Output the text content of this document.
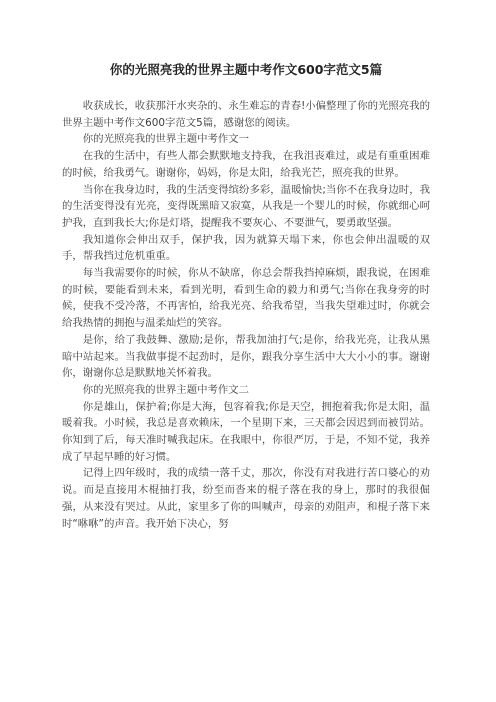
你的光照亮我的世界主题中考作文600字范文5篇

收获成长，收获那汗水夹杂的、永生难忘的青春!小偏整理了你的光照亮我的世界主题中考作文600字范文5篇，感谢您的阅读。

你的光照亮我的世界主题中考作文一

在我的生活中，有些人都会默默地支持我，在我沮丧难过，或是有重重困难的时候，给我勇气。谢谢你，妈妈，你是太阳，给我光芒，照亮我的世界。

当你在我身边时，我的生活变得缤纷多彩，温暖愉快;当你不在我身边时，我的生活变得没有光亮，变得既黑暗又寂寞，从我是一个婴儿的时候，你就细心呵护我，直到我长大;你是灯塔，提醒我不要灰心、不要泄气，要勇敢坚强。

我知道你会伸出双手，保护我，因为就算天塌下来，你也会伸出温暖的双手，帮我挡过危机重重。

每当我需要你的时候，你从不缺席，你总会帮我挡掉麻烦，跟我说，在困难的时候，要能看到未来，看到光明，看到生命的毅力和勇气;当你在我身旁的时候，使我不受冷落，不再害怕，给我光亮、给我希望，当我失望难过时，你就会给我热情的拥抱与温柔灿烂的笑容。

是你，给了我鼓舞、激励;是你，帮我加油打气;是你，给我光亮，让我从黑暗中站起来。当我做事提不起劲时，是你，跟我分享生活中大大小小的事。谢谢你，谢谢你总是默默地关怀着我。

你的光照亮我的世界主题中考作文二

你是雄山，保护着;你是大海，包容着我;你是天空，拥抱着我;你是太阳，温暖着我。小时候，我总是喜欢赖床，一个星期下来，三天都会因迟到而被罚站。你知到了后，每天准时喊我起床。在我眼中，你很严厉，于是，不知不觉，我养成了早起早睡的好习惯。

记得上四年级时，我的成绩一落千丈，那次，你没有对我进行苦口婆心的劝说。而是直接用木棍抽打我，纷至而沓来的棍子落在我的身上，那时的我很倔强，从来没有哭过。从此，家里多了你的叫喊声，母亲的劝阻声，和棍子落下来时“咻咻”的声音。我开始下决心，努
